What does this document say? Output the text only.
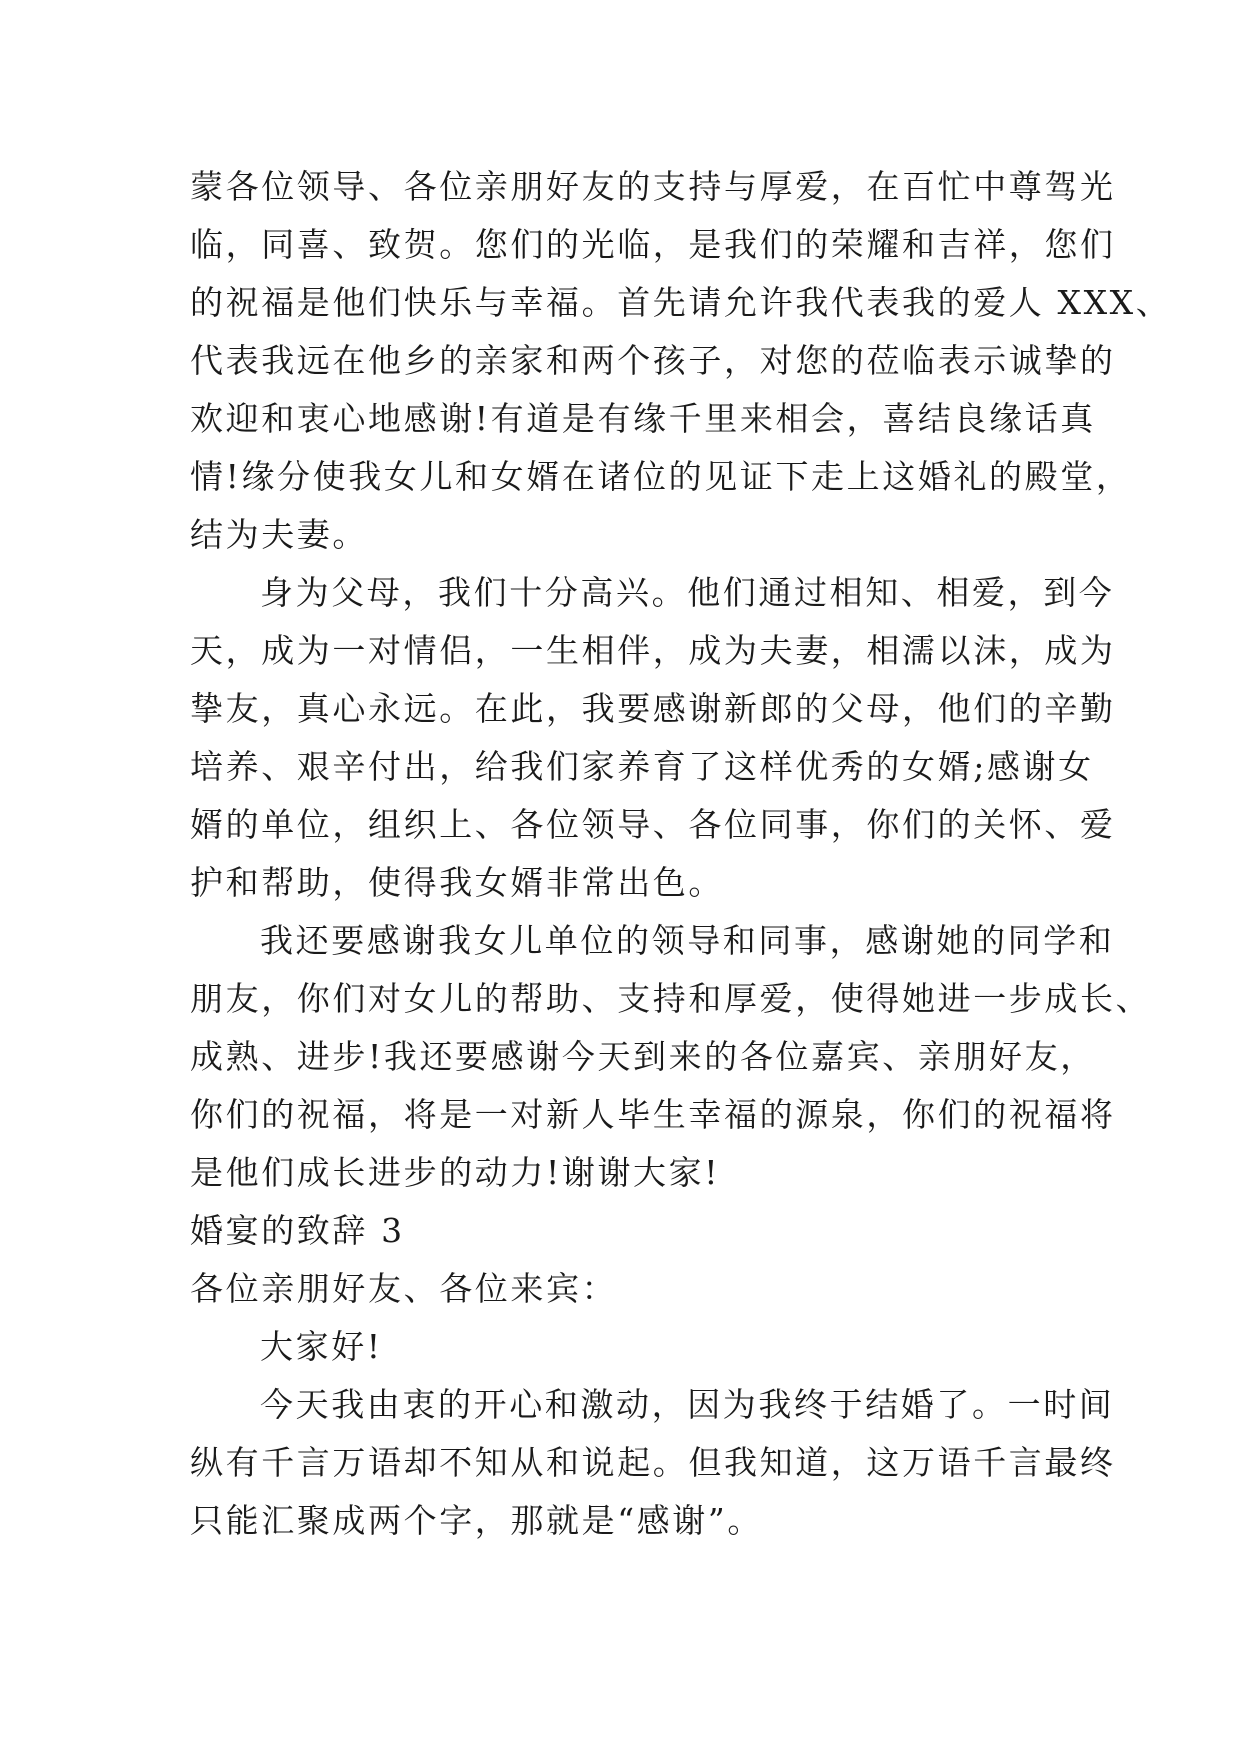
蒙各位领导、各位亲朋好友的支持与厚爱，在百忙中尊驾光
临，同喜、致贺。您们的光临，是我们的荣耀和吉祥，您们
的祝福是他们快乐与幸福。首先请允许我代表我的爱人 XXX、
代表我远在他乡的亲家和两个孩子，对您的莅临表示诚挚的
欢迎和衷心地感谢!有道是有缘千里来相会，喜结良缘话真
情!缘分使我女儿和女婿在诸位的见证下走上这婚礼的殿堂，
结为夫妻。
身为父母，我们十分高兴。他们通过相知、相爱，到今
天，成为一对情侣，一生相伴，成为夫妻，相濡以沫，成为
挚友，真心永远。在此，我要感谢新郎的父母，他们的辛勤
培养、艰辛付出，给我们家养育了这样优秀的女婿;感谢女
婿的单位，组织上、各位领导、各位同事，你们的关怀、爱
护和帮助，使得我女婿非常出色。
我还要感谢我女儿单位的领导和同事，感谢她的同学和
朋友，你们对女儿的帮助、支持和厚爱，使得她进一步成长、
成熟、进步!我还要感谢今天到来的各位嘉宾、亲朋好友，
你们的祝福，将是一对新人毕生幸福的源泉，你们的祝福将
是他们成长进步的动力!谢谢大家!
婚宴的致辞 3
各位亲朋好友、各位来宾：
大家好!
今天我由衷的开心和激动，因为我终于结婚了。一时间
纵有千言万语却不知从和说起。但我知道，这万语千言最终
只能汇聚成两个字，那就是“感谢”。
